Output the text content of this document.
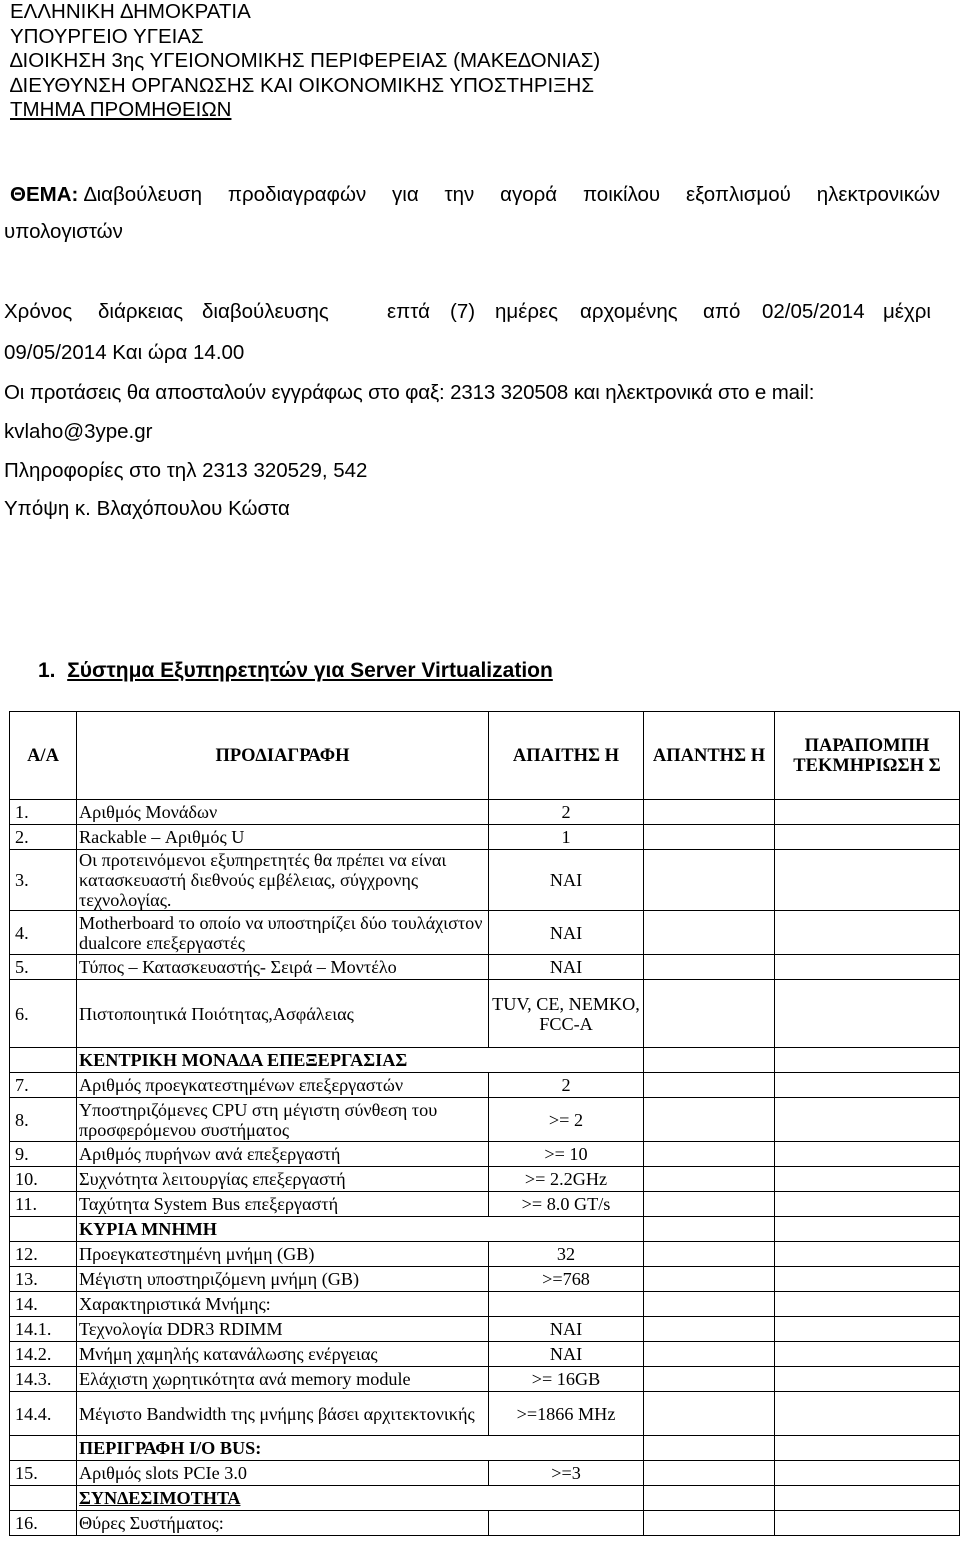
ΕΛΛΗΝΙΚΗ ∆ΗΜΟΚΡΑΤΙΑ
ΥΠΟΥΡΓΕΙΟ ΥΓΕΙΑΣ
∆ΙΟΙΚΗΣΗ 3ης ΥΓΕΙΟΝΟΜΙΚΗΣ ΠΕΡΙΦΕΡΕΙΑΣ (ΜΑΚΕ∆ΟΝΙΑΣ)
∆ΙΕΥΘΥΝΣΗ ΟΡΓΑΝΩΣΗΣ ΚΑΙ ΟΙΚΟΝΟΜΙΚΗΣ ΥΠΟΣΤΗΡΙΞΗΣ
ΤΜΗΜΑ ΠΡΟΜΗΘΕΙΩΝ
ΘΕΜΑ: ∆ιαβούλευση προδιαγραφών για την αγορά ποικίλου εξοπλισμού ηλεκτρονικών
υπολογιστών
Χρόνος διάρκειας διαβούλευσης	επτά (7) ημέρες αρχομένης από 02/05/2014 μέχρι
09/05/2014 Και ώρα 14.00
Οι προτάσεις θα αποσταλούν εγγράφως στο φαξ: 2313 320508 και ηλεκτρονικά στο e mail:
kvlaho@3ype.gr
Πληροφορίες στο τηλ 2313 320529, 542
Υπόψη κ. Βλαχόπουλου Κώστα
1. Σύστημα Εξυπηρετητών για Server Virtualization
Α/Α	ΠΡΟ∆ΙΑΓΡΑΦΗ	ΑΠΑΙΤΗΣ Η	ΑΠΑΝΤΗΣ Η	ΠΑΡΑΠΟΜΠΗ ΤΕΚΜΗΡΙΩΣΗ Σ
1.	Αριθμός Μονάδων	2		
2.	Rackable – Αριθμός U	1		
3.	Οι προτεινόμενοι εξυπηρετητές θα πρέπει να είναι κατασκευαστή διεθνούς εμβέλειας, σύγχρονης τεχνολογίας.	ΝΑΙ		
4.	Motherboard το οποίο να υποστηρίζει δύο τουλάχιστον dualcore επεξεργαστές	ΝΑΙ		
5.	Τύπος – Κατασκευαστής- Σειρά – Μοντέλο	ΝΑΙ		
6.	Πιστοποιητικά Ποιότητας,Ασφάλειας	TUV, CE, NEMKO, FCC-A		
	ΚΕΝΤΡΙΚΗ ΜΟΝΑ∆Α ΕΠΕΞΕΡΓΑΣΙΑΣ			
7.	Αριθμός προεγκατεστημένων επεξεργαστών	2		
8.	Υποστηριζόμενες CPU στη μέγιστη σύνθεση του προσφερόμενου συστήματος	>= 2		
9.	Αριθμός πυρήνων ανά επεξεργαστή	>= 10		
10.	Συχνότητα λειτουργίας επεξεργαστή	>= 2.2GHz		
11.	Ταχύτητα System Bus επεξεργαστή	>= 8.0 GT/s		
	ΚΥΡΙΑ ΜΝΗΜΗ			
12.	Προεγκατεστημένη μνήμη (GB)	32		
13.	Μέγιστη υποστηριζόμενη μνήμη (GB)	>=768		
14.	Χαρακτηριστικά Μνήμης:			
14.1.	Τεχνολογία DDR3 RDIMM	ΝΑΙ		
14.2.	Μνήμη χαμηλής κατανάλωσης ενέργειας	ΝΑΙ		
14.3.	Ελάχιστη χωρητικότητα ανά memory module	>= 16GB		
14.4.	Μέγιστο Bandwidth της μνήμης βάσει αρχιτεκτονικής	>=1866 MHz		
	ΠΕΡΙΓΡΑΦΗ I/O BUS:			
15.	Αριθμός slots PCIe 3.0	>=3		
	ΣΥΝ∆ΕΣΙΜΟΤΗΤΑ			
16.	Θύρες Συστήματος:			
